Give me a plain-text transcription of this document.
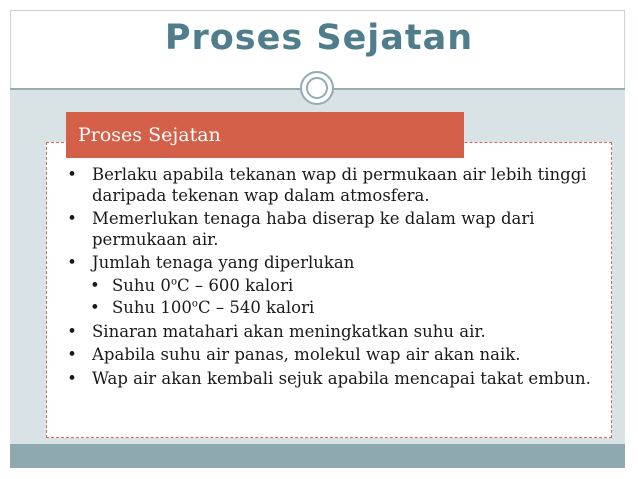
Proses Sejatan
Proses Sejatan
• Berlaku apabila tekanan wap di permukaan air lebih tinggi daripada tekenan wap dalam atmosfera.
• Memerlukan tenaga haba diserap ke dalam wap dari permukaan air.
• Jumlah tenaga yang diperlukan
• Suhu 0$^o$C – 600 kalori
• Suhu 100$^o$C – 540 kalori
• Sinaran matahari akan meningkatkan suhu air.
• Apabila suhu air panas, molekul wap air akan naik.
• Wap air akan kembali sejuk apabila mencapai takat embun.
